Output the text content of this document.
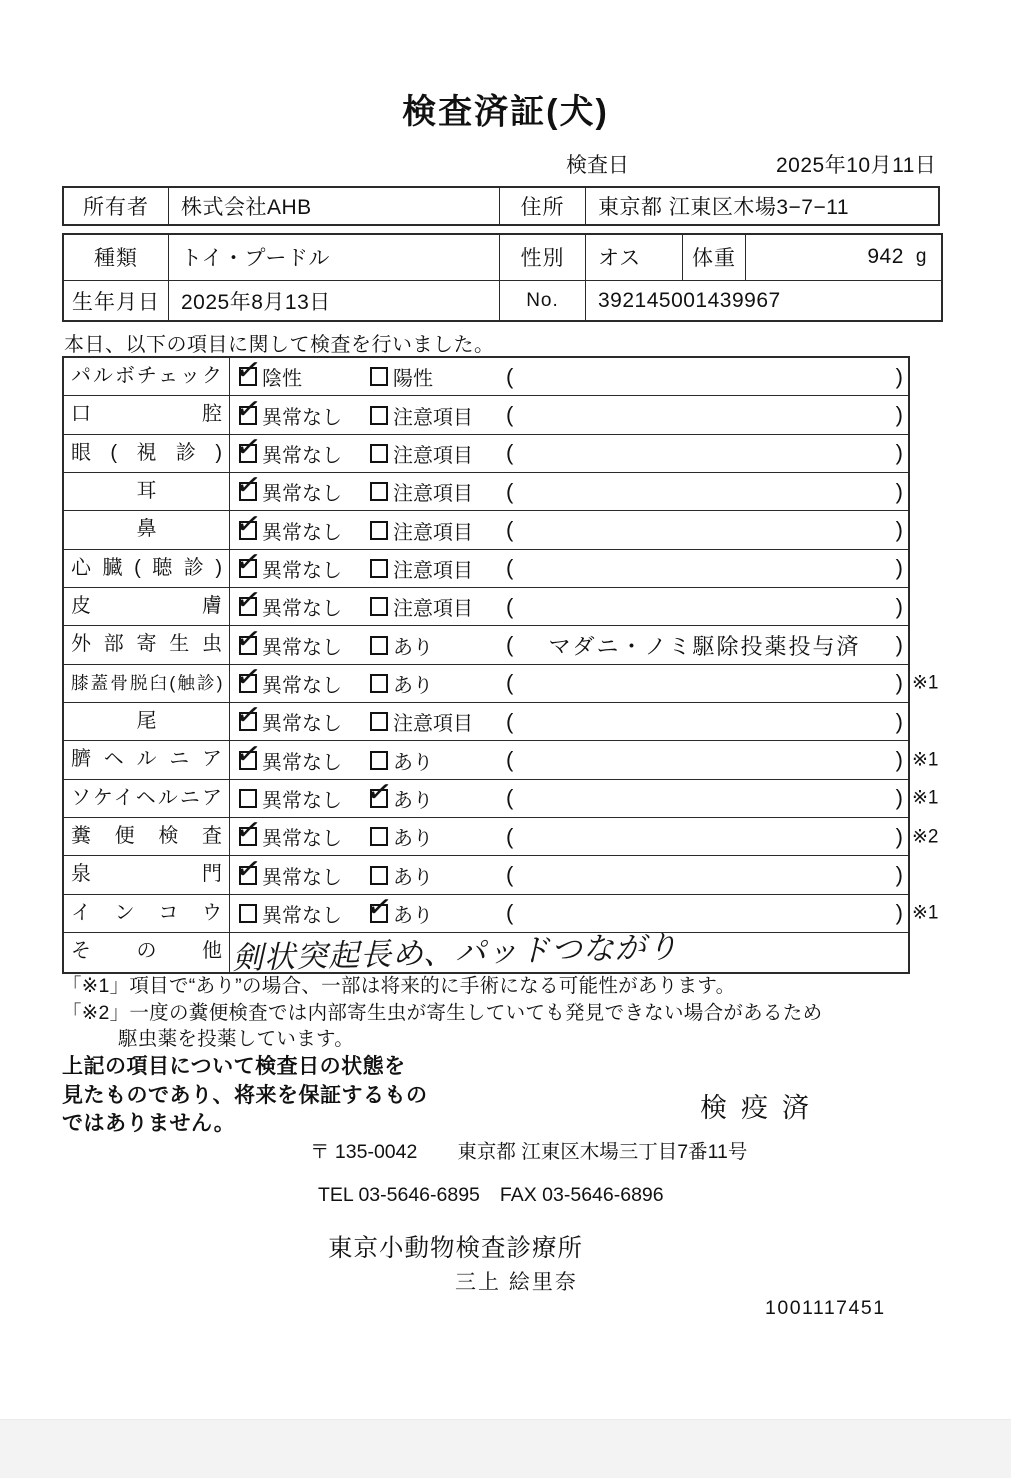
検査済証(犬)
検査日	2025年10月11日
所有者	株式会社AHB	住所	東京都 江東区木場3−7−11
種類	トイ・プードル	性別	オス	体重	942 g
生年月日	2025年8月13日	No.	392145001439967
本日、以下の項目に関して検査を行いました。
パルボチェック ✓	陰性	陽性	(	)
口腔 ✓	異常なし	注意項目 (	)
眼(視診) ✓	異常なし	注意項目 (	)
耳 ✓	異常なし	注意項目 (	)
鼻 ✓	異常なし	注意項目 (	)
心臓(聴診) ✓	異常なし	注意項目 (	)
皮膚 ✓	異常なし	注意項目 (	)
外部寄生虫 ✓	異常なし	あり	(	マダニ・ノミ駆除投薬投与済	)
膝蓋骨脱臼(触診) ✓	異常なし	あり	(	) ※1
尾 ✓	異常なし	注意項目 (	)
臍ヘルニア ✓	異常なし	あり	(	) ※1
ソケイヘルニア	異常なし ✓	あり	(	) ※1
糞便検査 ✓	異常なし	あり	(	) ※2
泉門 ✓	異常なし	あり	(	)
インコウ	異常なし ✓	あり	(	) ※1
その他 剣状突起長め、パッドつながり
「※1」項目で“あり”の場合、一部は将来的に手術になる可能性があります。
「※2」一度の糞便検査では内部寄生虫が寄生していても発見できない場合があるため
駆虫薬を投薬しています。
上記の項目について検査日の状態を
見たものであり、将来を保証するもの
ではありません。
検疫済
〒 135-0042 東京都 江東区木場三丁目7番11号
TEL 03-5646-6895 FAX 03-5646-6896
東京小動物検査診療所
三上 絵里奈
1001117451
